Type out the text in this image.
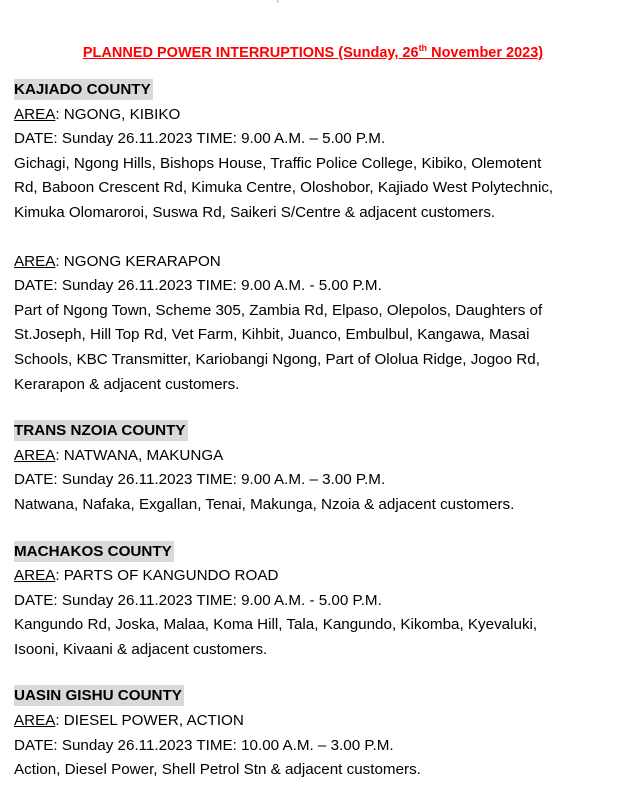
'
PLANNED POWER INTERRUPTIONS (Sunday, 26th November 2023)
KAJIADO COUNTY
AREA: NGONG, KIBIKO
DATE: Sunday 26.11.2023 TIME: 9.00 A.M. – 5.00 P.M.
Gichagi, Ngong Hills, Bishops House, Traffic Police College, Kibiko, Olemotent
Rd, Baboon Crescent Rd, Kimuka Centre, Oloshobor, Kajiado West Polytechnic,
Kimuka Olomaroroi, Suswa Rd, Saikeri S/Centre & adjacent customers.
AREA: NGONG KERARAPON
DATE: Sunday 26.11.2023 TIME: 9.00 A.M. - 5.00 P.M.
Part of Ngong Town, Scheme 305, Zambia Rd, Elpaso, Olepolos, Daughters of
St.Joseph, Hill Top Rd, Vet Farm, Kihbit, Juanco, Embulbul, Kangawa, Masai
Schools, KBC Transmitter, Kariobangi Ngong, Part of Ololua Ridge, Jogoo Rd,
Kerarapon & adjacent customers.
TRANS NZOIA COUNTY
AREA: NATWANA, MAKUNGA
DATE: Sunday 26.11.2023 TIME: 9.00 A.M. – 3.00 P.M.
Natwana, Nafaka, Exgallan, Tenai, Makunga, Nzoia & adjacent customers.
MACHAKOS COUNTY
AREA: PARTS OF KANGUNDO ROAD
DATE: Sunday 26.11.2023 TIME: 9.00 A.M. - 5.00 P.M.
Kangundo Rd, Joska, Malaa, Koma Hill, Tala, Kangundo, Kikomba, Kyevaluki,
Isooni, Kivaani & adjacent customers.
UASIN GISHU COUNTY
AREA: DIESEL POWER, ACTION
DATE: Sunday 26.11.2023 TIME: 10.00 A.M. – 3.00 P.M.
Action, Diesel Power, Shell Petrol Stn & adjacent customers.
